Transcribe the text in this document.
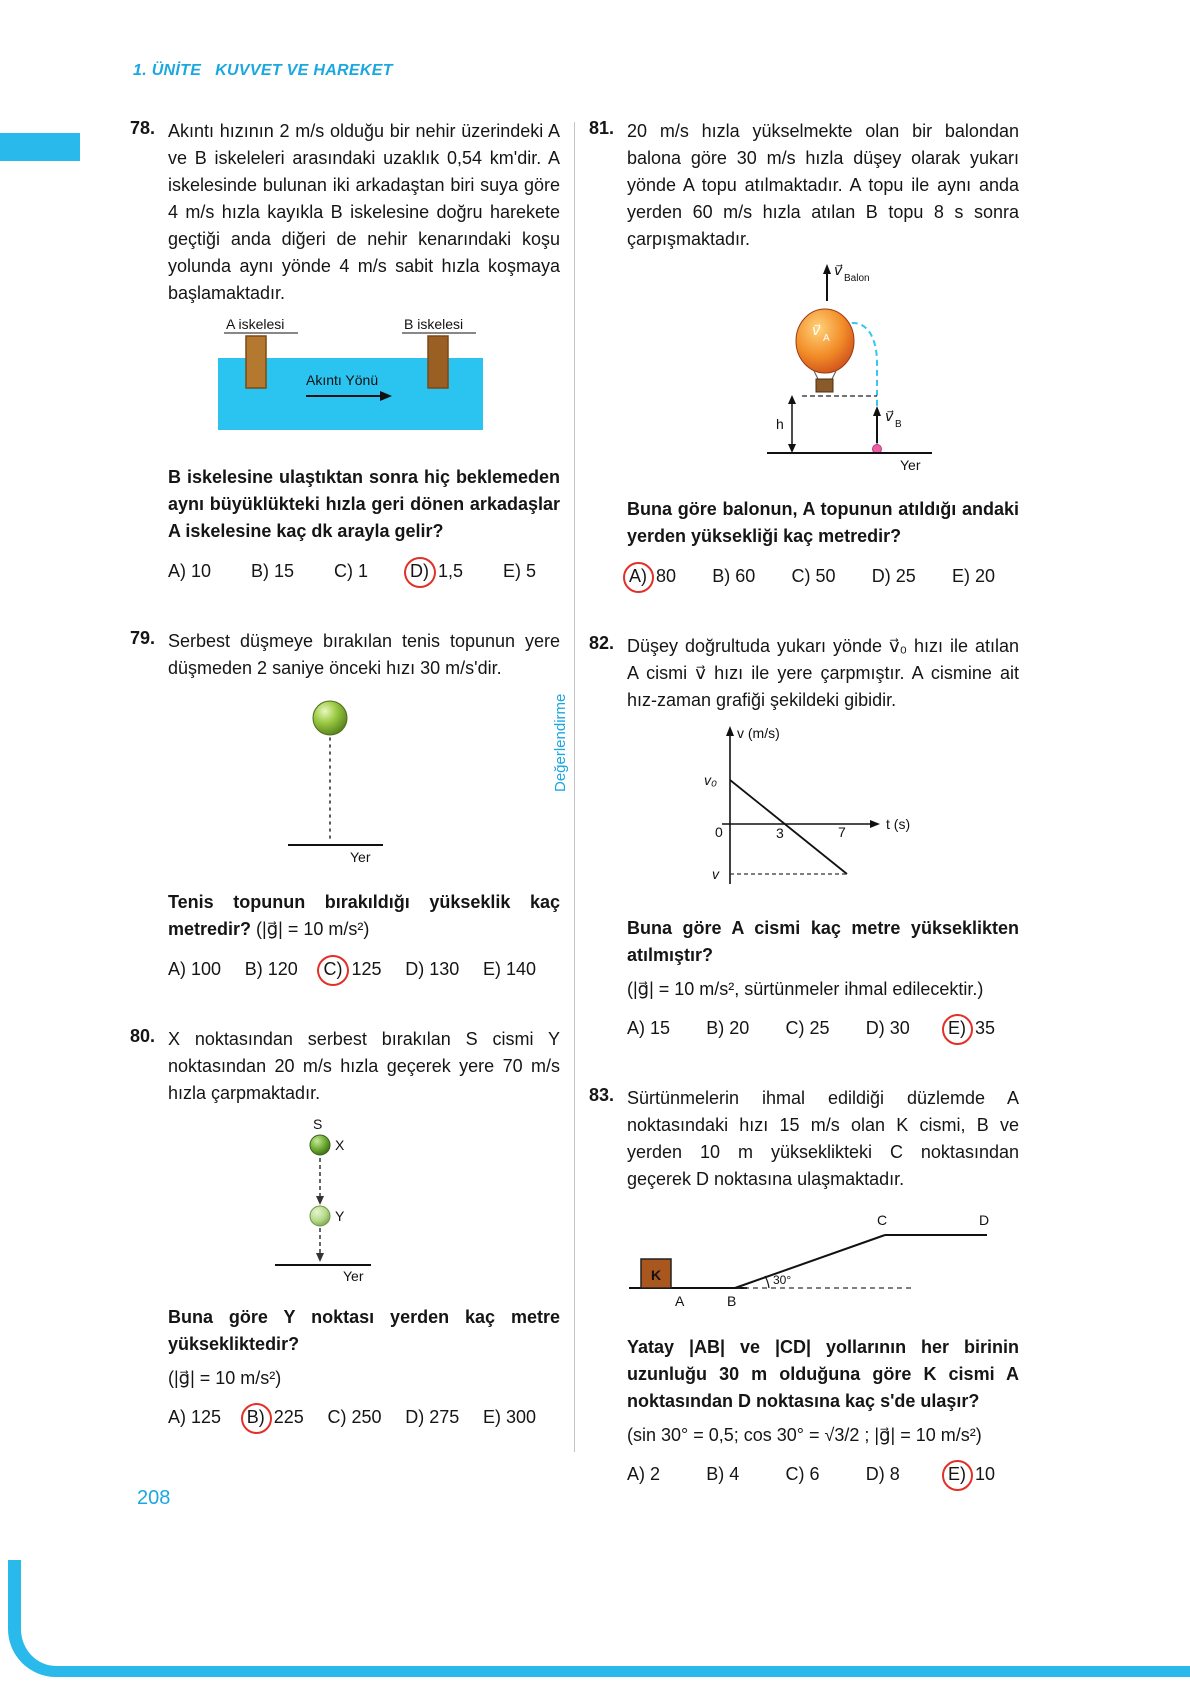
1. ÜNİTE KUVVET VE HAREKET
78. Akıntı hızının 2 m/s olduğu bir nehir üzerindeki A ve B iskeleleri arasındaki uzaklık 0,54 km'dir. A iskelesinde bulunan iki arkadaştan biri suya göre 4 m/s hızla kayıkla B iskelesine doğru harekete geçtiği anda diğeri de nehir kenarındaki koşu yolunda aynı yönde 4 m/s sabit hızla koşmaya başlamaktadır.

A iskelesi	B iskelesi
Akıntı Yönü

B iskelesine ulaştıktan sonra hiç beklemeden aynı büyüklükteki hızla geri dönen arkadaşlar A iskelesine kaç dk arayla gelir?

A) 10 B) 15 C) 1 D) 1,5 E) 5
79. Serbest düşmeye bırakılan tenis topunun yere düşmeden 2 saniye önceki hızı 30 m/s'dir.

Yer

Tenis topunun bırakıldığı yükseklik kaç metredir? (|g⃗| = 10 m/s²)

A) 100 B) 120 C) 125 D) 130 E) 140
80. X noktasından serbest bırakılan S cismi Y noktasından 20 m/s hızla geçerek yere 70 m/s hızla çarpmaktadır.

S
X
Y
Yer

Buna göre Y noktası yerden kaç metre yüksekliktedir?

(|g⃗| = 10 m/s²)

A) 125 B) 225 C) 250 D) 275 E) 300
81. 20 m/s hızla yükselmekte olan bir balondan balona göre 30 m/s hızla düşey olarak yukarı yönde A topu atılmaktadır. A topu ile aynı anda yerden 60 m/s hızla atılan B topu 8 s sonra çarpışmaktadır.

v⃗
Balon
v⃗
A
h	v⃗
B
Yer

Buna göre balonun, A topunun atıldığı andaki yerden yüksekliği kaç metredir?

A) 80 B) 60 C) 50 D) 25 E) 20
82. Düşey doğrultuda yukarı yönde v⃗₀ hızı ile atılan A cismi v⃗ hızı ile yere çarpmıştır. A cismine ait hız-zaman grafiği şekildeki gibidir.

v (m/s)
t (s)
v₀
0	3	7
v

Buna göre A cismi kaç metre yükseklikten atılmıştır?

(|g⃗| = 10 m/s², sürtünmeler ihmal edilecektir.)

A) 15 B) 20 C) 25 D) 30 E) 35
83. Sürtünmelerin ihmal edildiği düzlemde A noktasındaki hızı 15 m/s olan K cismi, B ve yerden 10 m yükseklikteki C noktasından geçerek D noktasına ulaşmaktadır.

K
A	B
30°
C	D

Yatay |AB| ve |CD| yollarının her birinin uzunluğu 30 m olduğuna göre K cismi A noktasından D noktasına kaç s'de ulaşır?

(sin 30° = 0,5; cos 30° = √3/2 ; |g⃗| = 10 m/s²)

A) 2	B) 4	C) 6	D) 8	E) 10
Değerlendirme
208
